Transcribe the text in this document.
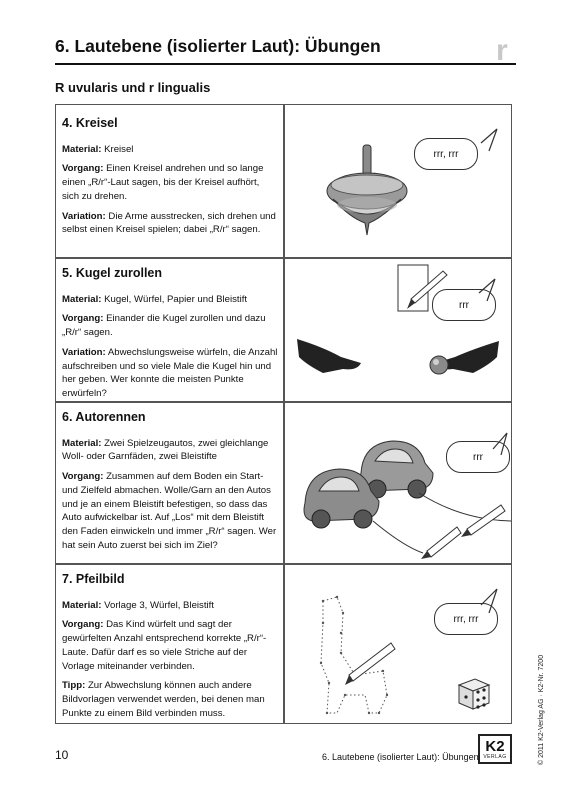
6. Lautebene (isolierter Laut): Übungen	r
R uvularis und r lingualis
4. Kreisel

Material: Kreisel

Vorgang: Einen Kreisel andrehen und so lange einen „R/r“-Laut sagen, bis der Kreisel aufhört, sich zu drehen.

Variation: Die Arme ausstrecken, sich drehen und selbst einen Kreisel spielen; dabei „R/r“ sagen.

5. Kugel zurollen

Material: Kugel, Würfel, Papier und Bleistift

Vorgang: Einander die Kugel zurollen und dazu „R/r“ sagen.

Variation: Abwechslungsweise würfeln, die Anzahl aufschreiben und so viele Male die Kugel hin und her geben. Wer konnte die meisten Punkte erwürfeln?

6. Autorennen

Material: Zwei Spielzeugautos, zwei gleichlange Woll- oder Garnfäden, zwei Bleistifte

Vorgang: Zusammen auf dem Boden ein Start- und Zielfeld abmachen. Wolle/Garn an den Autos und je an einem Bleistift befestigen, so dass das Auto aufwickelbar ist. Auf „Los“ mit dem Bleistift den Faden einwickeln und immer „R/r“ sagen. Wer hat sein Auto zuerst bei sich im Ziel?

7. Pfeilbild

Material: Vorlage 3, Würfel, Bleistift

Vorgang: Das Kind würfelt und sagt der gewürfelten Anzahl entsprechend korrekte „R/r“-Laute. Dafür darf es so viele Striche auf der Vorlage miteinander verbinden.

Tipp: Zur Abwechslung können auch andere Bildvorlagen verwendet werden, bei denen man Punkte zu einem Bild verbinden muss.

rrr, rrr
rrr
rrr
rrr, rrr
10	6. Lautebene (isolierter Laut): Übungen
K2
VERLAG	© 2011 K2-Verlag AG · K2-Nr. 7200
